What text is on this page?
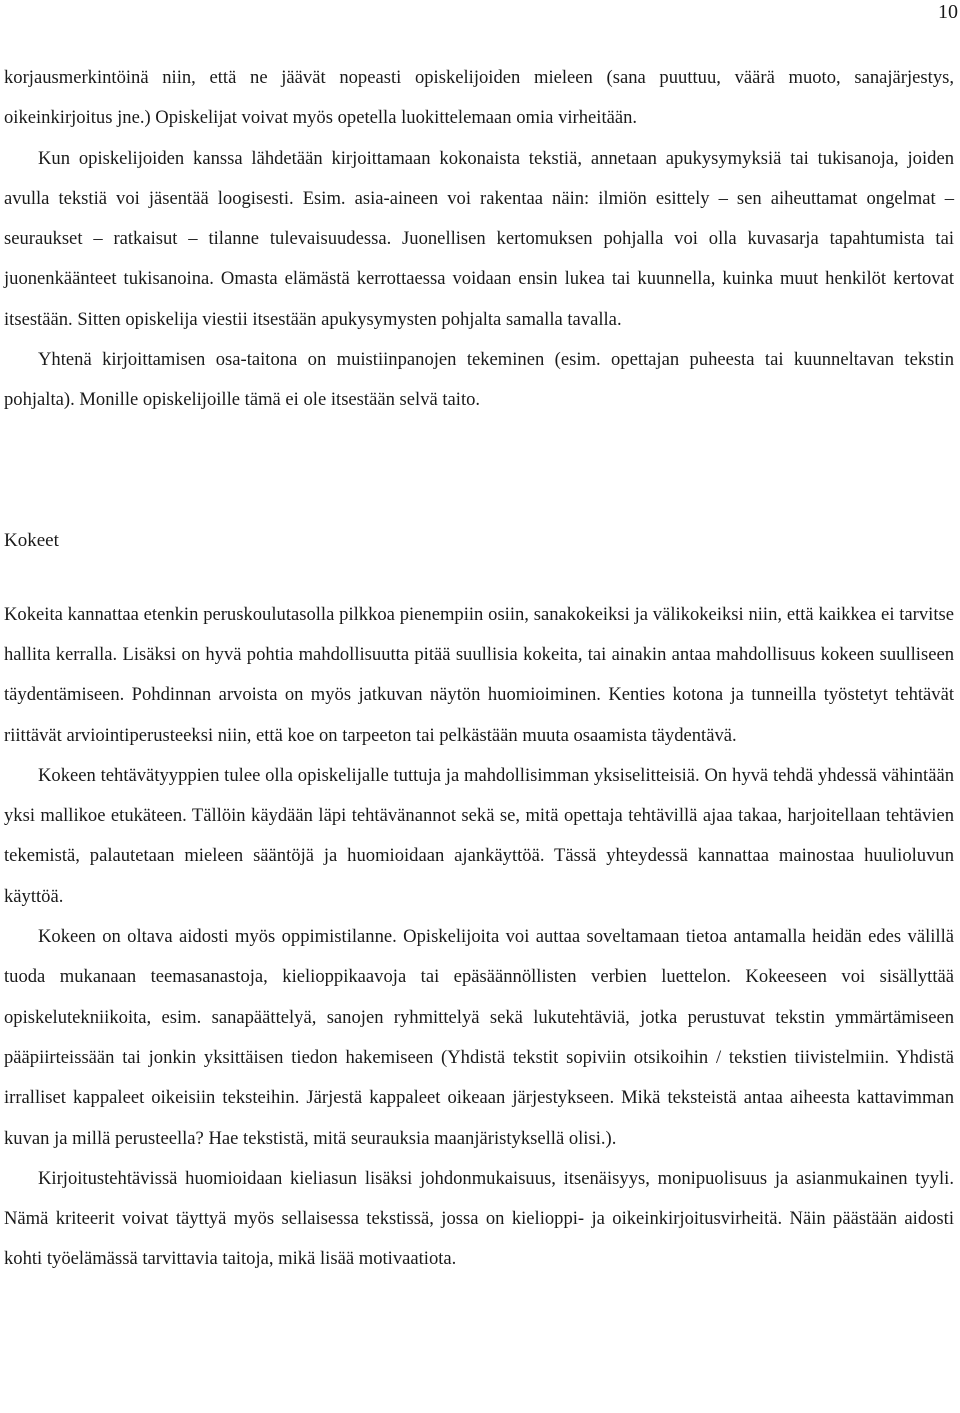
10

korjausmerkintöinä niin, että ne jäävät nopeasti opiskelijoiden mieleen (sana puuttuu, väärä muoto, sanajärjestys, oikeinkirjoitus jne.) Opiskelijat voivat myös opetella luokittelemaan omia virheitään.

Kun opiskelijoiden kanssa lähdetään kirjoittamaan kokonaista tekstiä, annetaan apukysymyksiä tai tukisanoja, joiden avulla tekstiä voi jäsentää loogisesti. Esim. asia-aineen voi rakentaa näin: ilmiön esittely – sen aiheuttamat ongelmat – seuraukset – ratkaisut – tilanne tulevaisuudessa. Juonellisen kertomuksen pohjalla voi olla kuvasarja tapahtumista tai juonenkäänteet tukisanoina. Omasta elämästä kerrottaessa voidaan ensin lukea tai kuunnella, kuinka muut henkilöt kertovat itsestään. Sitten opiskelija viestii itsestään apukysymysten pohjalta samalla tavalla.

Yhtenä kirjoittamisen osa-taitona on muistiinpanojen tekeminen (esim. opettajan puheesta tai kuunneltavan tekstin pohjalta). Monille opiskelijoille tämä ei ole itsestään selvä taito.

Kokeet

Kokeita kannattaa etenkin peruskoulutasolla pilkkoa pienempiin osiin, sanakokeiksi ja välikokeiksi niin, että kaikkea ei tarvitse hallita kerralla. Lisäksi on hyvä pohtia mahdollisuutta pitää suullisia kokeita, tai ainakin antaa mahdollisuus kokeen suulliseen täydentämiseen. Pohdinnan arvoista on myös jatkuvan näytön huomioiminen. Kenties kotona ja tunneilla työstetyt tehtävät riittävät arviointiperusteeksi niin, että koe on tarpeeton tai pelkästään muuta osaamista täydentävä.

Kokeen tehtävätyyppien tulee olla opiskelijalle tuttuja ja mahdollisimman yksiselitteisiä. On hyvä tehdä yhdessä vähintään yksi mallikoe etukäteen. Tällöin käydään läpi tehtävänannot sekä se, mitä opettaja tehtävillä ajaa takaa, harjoitellaan tehtävien tekemistä, palautetaan mieleen sääntöjä ja huomioidaan ajankäyttöä. Tässä yhteydessä kannattaa mainostaa huulioluvun käyttöä.

Kokeen on oltava aidosti myös oppimistilanne. Opiskelijoita voi auttaa soveltamaan tietoa antamalla heidän edes välillä tuoda mukanaan teemasanastoja, kielioppikaavoja tai epäsäännöllisten verbien luettelon. Kokeeseen voi sisällyttää opiskelutekniikoita, esim. sanapäättelyä, sanojen ryhmittelyä sekä lukutehtäviä, jotka perustuvat tekstin ymmärtämiseen pääpiirteissään tai jonkin yksittäisen tiedon hakemiseen (Yhdistä tekstit sopiviin otsikoihin / tekstien tiivistelmiin. Yhdistä irralliset kappaleet oikeisiin teksteihin. Järjestä kappaleet oikeaan järjestykseen. Mikä teksteistä antaa aiheesta kattavimman kuvan ja millä perusteella? Hae tekstistä, mitä seurauksia maanjäristyksellä olisi.).

Kirjoitustehtävissä huomioidaan kieliasun lisäksi johdonmukaisuus, itsenäisyys, monipuolisuus ja asianmukainen tyyli. Nämä kriteerit voivat täyttyä myös sellaisessa tekstissä, jossa on kielioppi- ja oikeinkirjoitusvirheitä. Näin päästään aidosti kohti työelämässä tarvittavia taitoja, mikä lisää motivaatiota.
